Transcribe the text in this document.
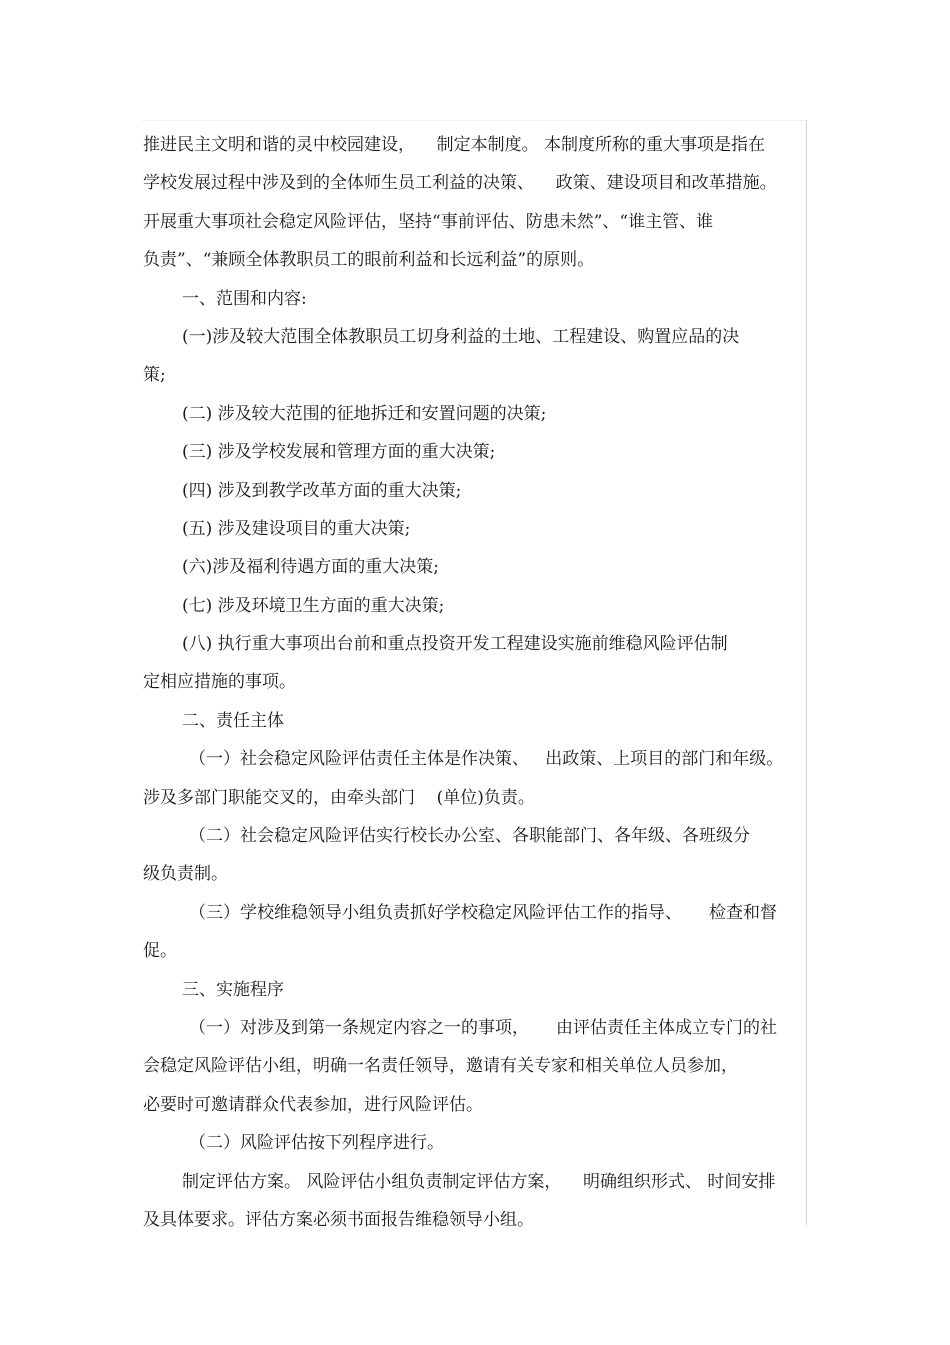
推进民主文明和谐的灵中校园建设，    制定本制度。 本制度所称的重大事项是指在
学校发展过程中涉及到的全体师生员工利益的决策、    政策、建设项目和改革措施。
开展重大事项社会稳定风险评估，坚持“事前评估、防患未然”、“谁主管、谁
负责”、“兼顾全体教职员工的眼前利益和长远利益”的原则。
一、范围和内容:
(一)涉及较大范围全体教职员工切身利益的土地、工程建设、购置应品的决
策;
(二) 涉及较大范围的征地拆迁和安置问题的决策;
(三) 涉及学校发展和管理方面的重大决策;
(四) 涉及到教学改革方面的重大决策;
(五) 涉及建设项目的重大决策;
(六)涉及福利待遇方面的重大决策;
(七) 涉及环境卫生方面的重大决策;
(八) 执行重大事项出台前和重点投资开发工程建设实施前维稳风险评估制
定相应措施的事项。
二、责任主体
（一）社会稳定风险评估责任主体是作决策、   出政策、上项目的部门和年级。
涉及多部门职能交叉的，由牵头部门    (单位)负责。
（二）社会稳定风险评估实行校长办公室、各职能部门、各年级、各班级分
级负责制。
（三）学校维稳领导小组负责抓好学校稳定风险评估工作的指导、     检查和督
促。
三、实施程序
（一）对涉及到第一条规定内容之一的事项，     由评估责任主体成立专门的社
会稳定风险评估小组，明确一名责任领导，邀请有关专家和相关单位人员参加，
必要时可邀请群众代表参加，进行风险评估。
（二）风险评估按下列程序进行。
制定评估方案。 风险评估小组负责制定评估方案，    明确组织形式、 时间安排
及具体要求。评估方案必须书面报告维稳领导小组。
